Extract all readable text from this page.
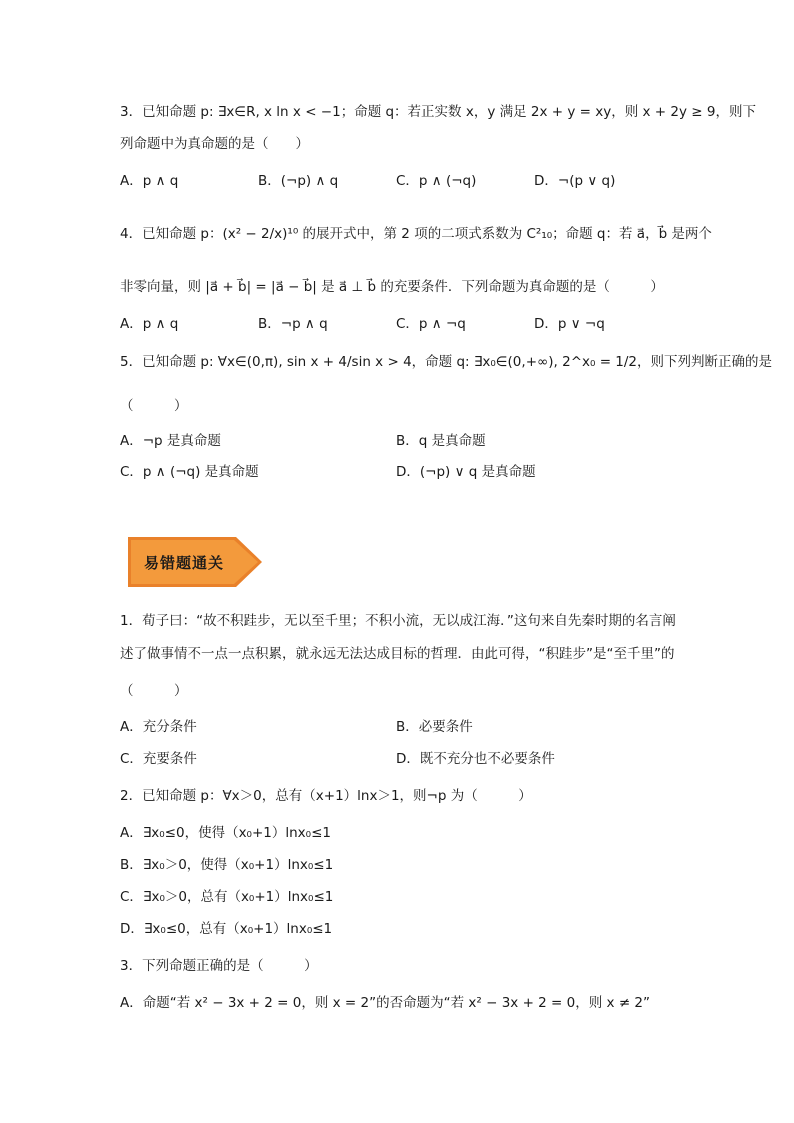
3．已知命题 p: ∃x∈R, x ln x < −1；命题 q：若正实数 x，y 满足 2x + y = xy，则 x + 2y ≥ 9，则下
列命题中为真命题的是（　　）
A．p ∧ q	B．(¬p) ∧ q	C．p ∧ (¬q)	D．¬(p ∨ q)
4．已知命题 p：(x² − 2/x)¹⁰ 的展开式中，第 2 项的二项式系数为 C²₁₀；命题 q：若 a⃗，b⃗ 是两个
非零向量，则 |a⃗ + b⃗| = |a⃗ − b⃗| 是 a⃗ ⊥ b⃗ 的充要条件．下列命题为真命题的是（　　　）
A．p ∧ q	B．¬p ∧ q	C．p ∧ ¬q	D．p ∨ ¬q
5．已知命题 p: ∀x∈(0,π), sin x + 4/sin x > 4，命题 q: ∃x₀∈(0,+∞), 2^x₀ = 1/2，则下列判断正确的是
（　　　）
A．¬p 是真命题	B．q 是真命题
C．p ∧ (¬q) 是真命题	D．(¬p) ∨ q 是真命题
易错题通关
1．荀子曰：“故不积跬步，无以至千里；不积小流，无以成江海．”这句来自先秦时期的名言阐
述了做事情不一点一点积累，就永远无法达成目标的哲理．由此可得，“积跬步”是“至千里”的
（　　　）
A．充分条件	B．必要条件
C．充要条件	D．既不充分也不必要条件
2．已知命题 p：∀x＞0，总有（x+1）lnx＞1，则¬p 为（　　　）
A．∃x₀≤0，使得（x₀+1）lnx₀≤1
B．∃x₀＞0，使得（x₀+1）lnx₀≤1
C．∃x₀＞0，总有（x₀+1）lnx₀≤1
D．∃x₀≤0，总有（x₀+1）lnx₀≤1
3．下列命题正确的是（　　　）
A．命题“若 x² − 3x + 2 = 0，则 x = 2”的否命题为“若 x² − 3x + 2 = 0，则 x ≠ 2”
